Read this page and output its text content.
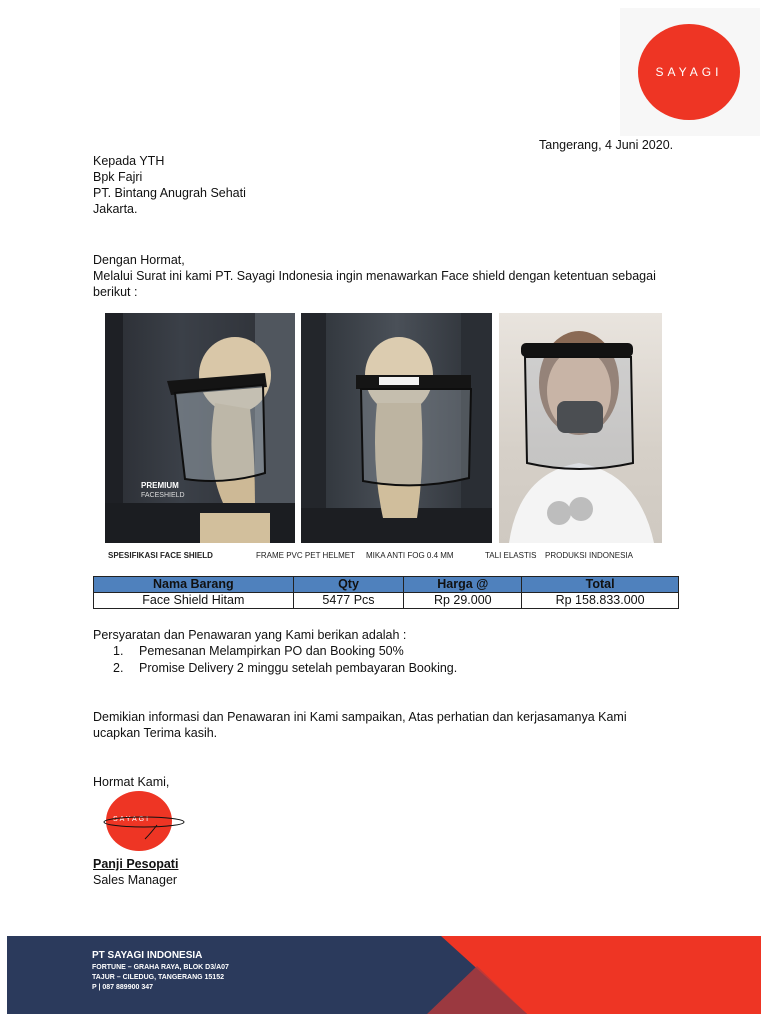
SAYAGI
Tangerang, 4 Juni 2020.
Kepada YTH
Bpk Fajri
PT. Bintang Anugrah Sehati
Jakarta.
Dengan Hormat,
Melalui Surat ini kami PT. Sayagi Indonesia ingin menawarkan Face shield dengan ketentuan sebagai
berikut :
PREMIUM
FACESHIELD
SPESIFIKASI FACE SHIELD	FRAME PVC PET HELMET MIKA ANTI FOG 0.4 MM	TALI ELASTIS PRODUKSI INDONESIA
Nama Barang	Qty	Harga @	Total
Face Shield Hitam	5477 Pcs	Rp 29.000	Rp 158.833.000
Persyaratan dan Penawaran yang Kami berikan adalah :
1. Pemesanan Melampirkan PO dan Booking 50%
2. Promise Delivery 2 minggu setelah pembayaran Booking.
Demikian informasi dan Penawaran ini Kami sampaikan, Atas perhatian dan kerjasamanya Kami
ucapkan Terima kasih.
Hormat Kami,
SAYAGI
Panji Pesopati
Sales Manager
PT SAYAGI INDONESIA
FORTUNE – GRAHA RAYA, BLOK D3/A07
TAJUR – CILEDUG, TANGERANG 15152
P | 087 889900 347
